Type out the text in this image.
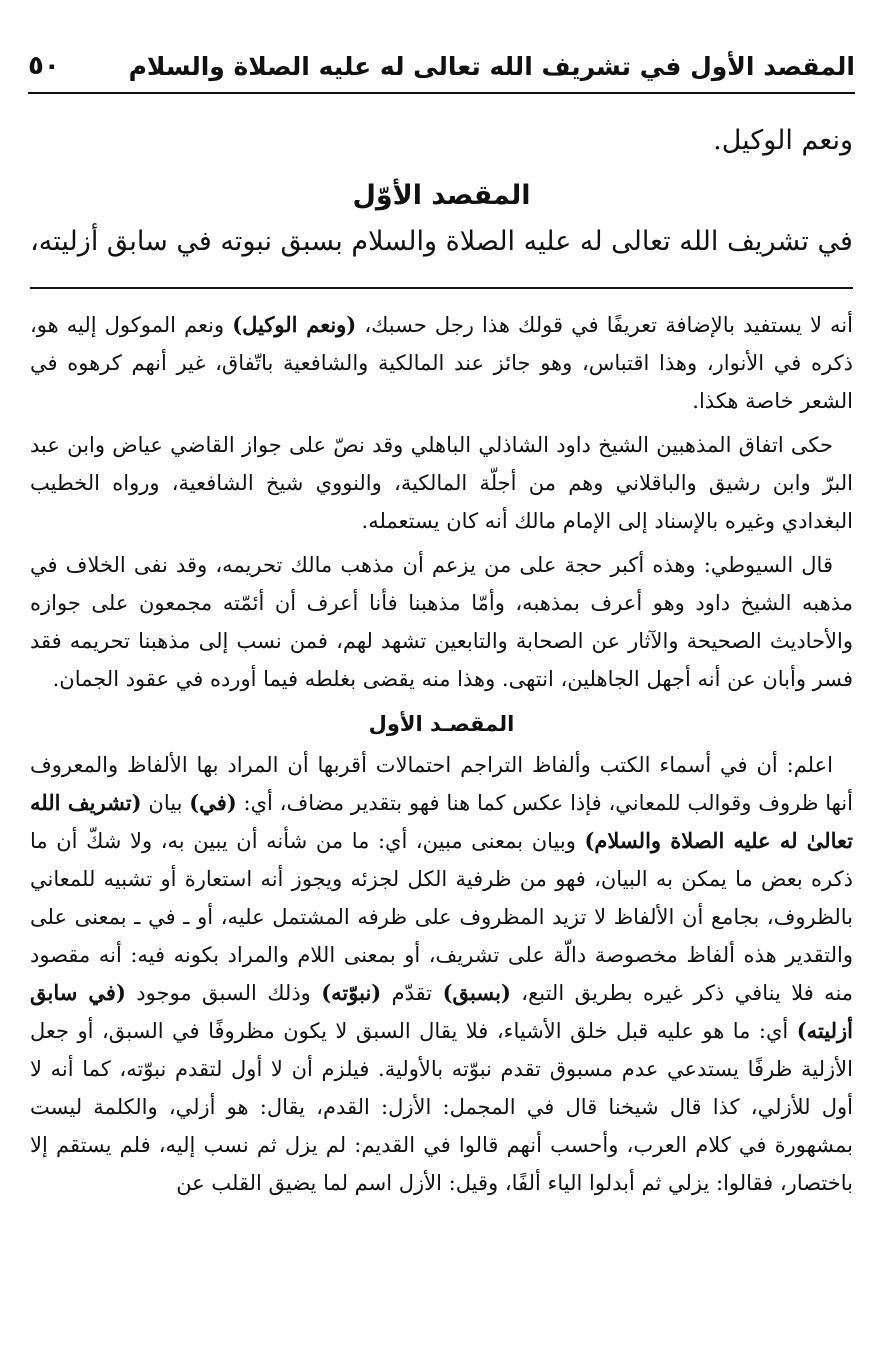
المقصد الأول في تشريف الله تعالى له عليه الصلاة والسلام
٥٠
ونعم الوكيل.
المقصد الأوّل
في تشريف الله تعالى له عليه الصلاة والسلام بسبق نبوته في سابق أزليته،

أنه لا يستفيد بالإضافة تعريفًا في قولك هذا رجل حسبك، (ونعم الوكيل) ونعم الموكول إليه هو، ذكره في الأنوار، وهذا اقتباس، وهو جائز عند المالكية والشافعية باتّفاق، غير أنهم كرهوه في الشعر خاصة هكذا.

حكى اتفاق المذهبين الشيخ داود الشاذلي الباهلي وقد نصّ على جواز القاضي عياض وابن عبد البرّ وابن رشيق والباقلاني وهم من أجلّة المالكية، والنووي شيخ الشافعية، ورواه الخطيب البغدادي وغيره بالإسناد إلى الإمام مالك أنه كان يستعمله.

قال السيوطي: وهذه أكبر حجة على من يزعم أن مذهب مالك تحريمه، وقد نفى الخلاف في مذهبه الشيخ داود وهو أعرف بمذهبه، وأمّا مذهبنا فأنا أعرف أن أئمّته مجمعون على جوازه والأحاديث الصحيحة والآثار عن الصحابة والتابعين تشهد لهم، فمن نسب إلى مذهبنا تحريمه فقد فسر وأبان عن أنه أجهل الجاهلين، انتهى. وهذا منه يقضى بغلطه فيما أورده في عقود الجمان.

المقصـد الأول

اعلم: أن في أسماء الكتب وألفاظ التراجم احتمالات أقربها أن المراد بها الألفاظ والمعروف أنها ظروف وقوالب للمعاني، فإذا عكس كما هنا فهو بتقدير مضاف، أي: (في) بيان (تشريف الله تعالىٰ له عليه الصلاة والسلام) وبيان بمعنى مبين، أي: ما من شأنه أن يبين به، ولا شكّ أن ما ذكره بعض ما يمكن به البيان، فهو من ظرفية الكل لجزئه ويجوز أنه استعارة أو تشبيه للمعاني بالظروف، بجامع أن الألفاظ لا تزيد المظروف على ظرفه المشتمل عليه، أو ـ في ـ بمعنى على والتقدير هذه ألفاظ مخصوصة دالّة على تشريف، أو بمعنى اللام والمراد بكونه فيه: أنه مقصود منه فلا ينافي ذكر غيره بطريق التبع، (بسبق) تقدّم (نبوّته) وذلك السبق موجود (في سابق أزليته) أي: ما هو عليه قبل خلق الأشياء، فلا يقال السبق لا يكون مظروفًا في السبق، أو جعل الأزلية ظرفًا يستدعي عدم مسبوق تقدم نبوّته بالأولية. فيلزم أن لا أول لتقدم نبوّته، كما أنه لا أول للأزلي، كذا قال شيخنا قال في المجمل: الأزل: القدم، يقال: هو أزلي، والكلمة ليست بمشهورة في كلام العرب، وأحسب أنهم قالوا في القديم: لم يزل ثم نسب إليه، فلم يستقم إلا باختصار، فقالوا: يزلي ثم أبدلوا الياء ألفًا، وقيل: الأزل اسم لما يضيق القلب عن
